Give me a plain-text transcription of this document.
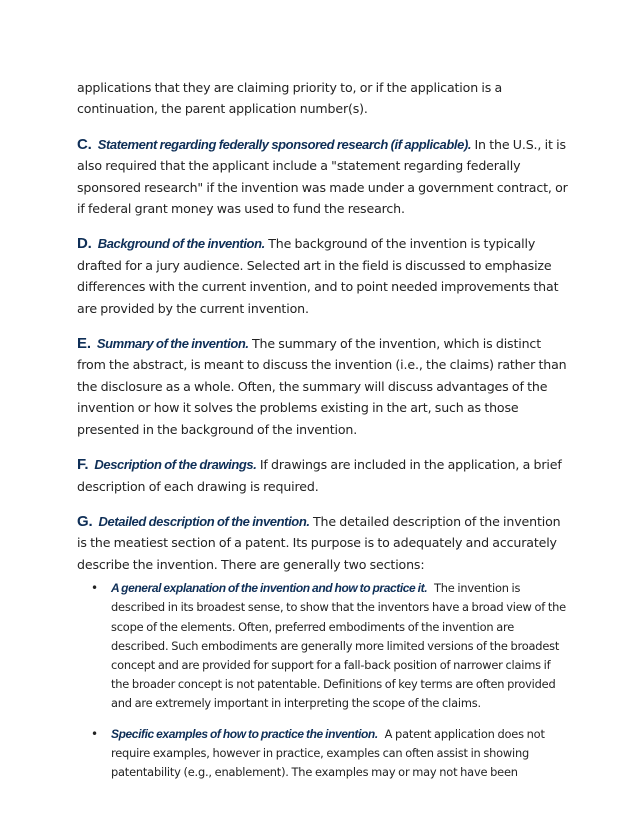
applications that they are claiming priority to, or if the application is a continuation, the parent application number(s).

C. Statement regarding federally sponsored research (if applicable). In the U.S., it is also required that the applicant include a "statement regarding federally sponsored research" if the invention was made under a government contract, or if federal grant money was used to fund the research.

D. Background of the invention. The background of the invention is typically drafted for a jury audience. Selected art in the field is discussed to emphasize differences with the current invention, and to point needed improvements that are provided by the current invention.

E. Summary of the invention. The summary of the invention, which is distinct from the abstract, is meant to discuss the invention (i.e., the claims) rather than the disclosure as a whole. Often, the summary will discuss advantages of the invention or how it solves the problems existing in the art, such as those presented in the background of the invention.

F. Description of the drawings. If drawings are included in the application, a brief description of each drawing is required.

G. Detailed description of the invention. The detailed description of the invention is the meatiest section of a patent. Its purpose is to adequately and accurately describe the invention. There are generally two sections:

• A general explanation of the invention and how to practice it. The invention is described in its broadest sense, to show that the inventors have a broad view of the scope of the elements. Often, preferred embodiments of the invention are described. Such embodiments are generally more limited versions of the broadest concept and are provided for support for a fall-back position of narrower claims if the broader concept is not patentable. Definitions of key terms are often provided and are extremely important in interpreting the scope of the claims.
• Specific examples of how to practice the invention. A patent application does not require examples, however in practice, examples can often assist in showing patentability (e.g., enablement). The examples may or may not have been
